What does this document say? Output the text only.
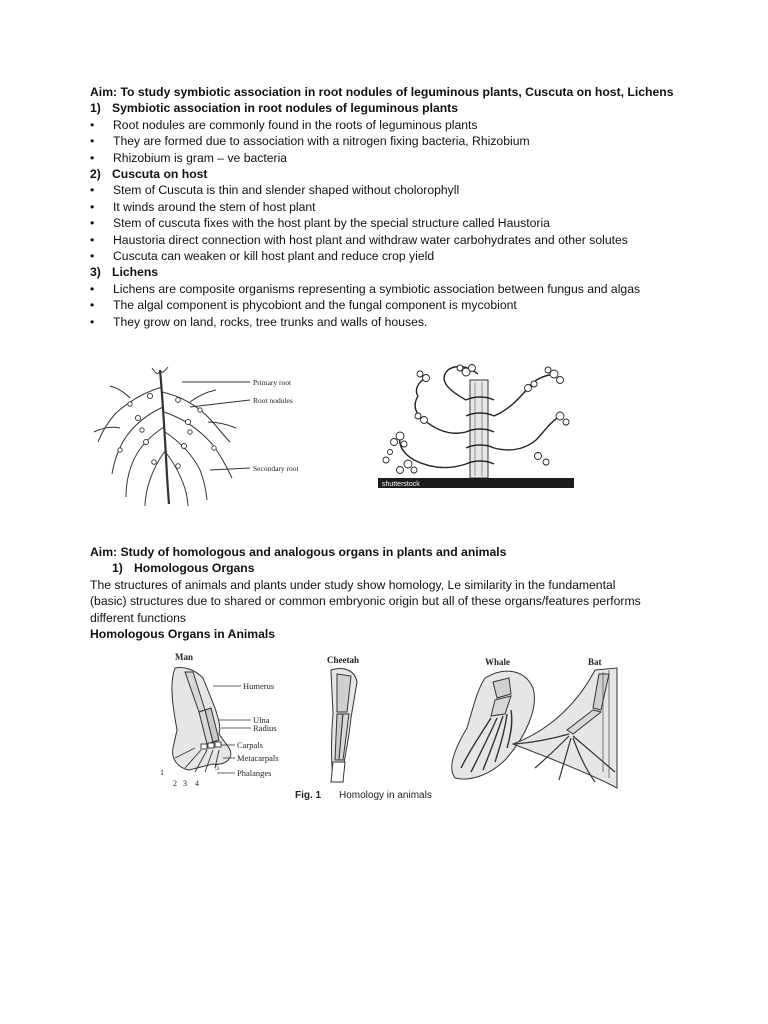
Aim: To study symbiotic association in root nodules of leguminous plants, Cuscuta on host, Lichens
1) Symbiotic association in root nodules of leguminous plants
•Root nodules are commonly found in the roots of leguminous plants
•They are formed due to association with a nitrogen fixing bacteria, Rhizobium
•Rhizobium is gram – ve bacteria
2) Cuscuta on host
•Stem of Cuscuta is thin and slender shaped without cholorophyll
•It winds around the stem of host plant
•Stem of cuscuta fixes with the host plant by the special structure called Haustoria
•Haustoria direct connection with host plant and withdraw water carbohydrates and other solutes
•Cuscuta can weaken or kill host plant and reduce crop yield
3) Lichens
•Lichens are composite organisms representing a symbiotic association between fungus and algas
•The algal component is phycobiont and the fungal component is mycobiont
•They grow on land, rocks, tree trunks and walls of houses.
Primary root
Root nodules
Secondary root
shutterstock
Aim: Study of homologous and analogous organs in plants and animals
1) Homologous Organs
The structures of animals and plants under study show homology, Le similarity in the fundamental
(basic) structures due to shared or common embryonic origin but all of these organs/features performs
different functions
Homologous Organs in Animals
Man	Cheetah	Whale	Bat
Humerus
Ulna
Radius
Carpals
Metacarpals
Phalanges
1
2 3 4
5
Fig. 1 Homology in animals
